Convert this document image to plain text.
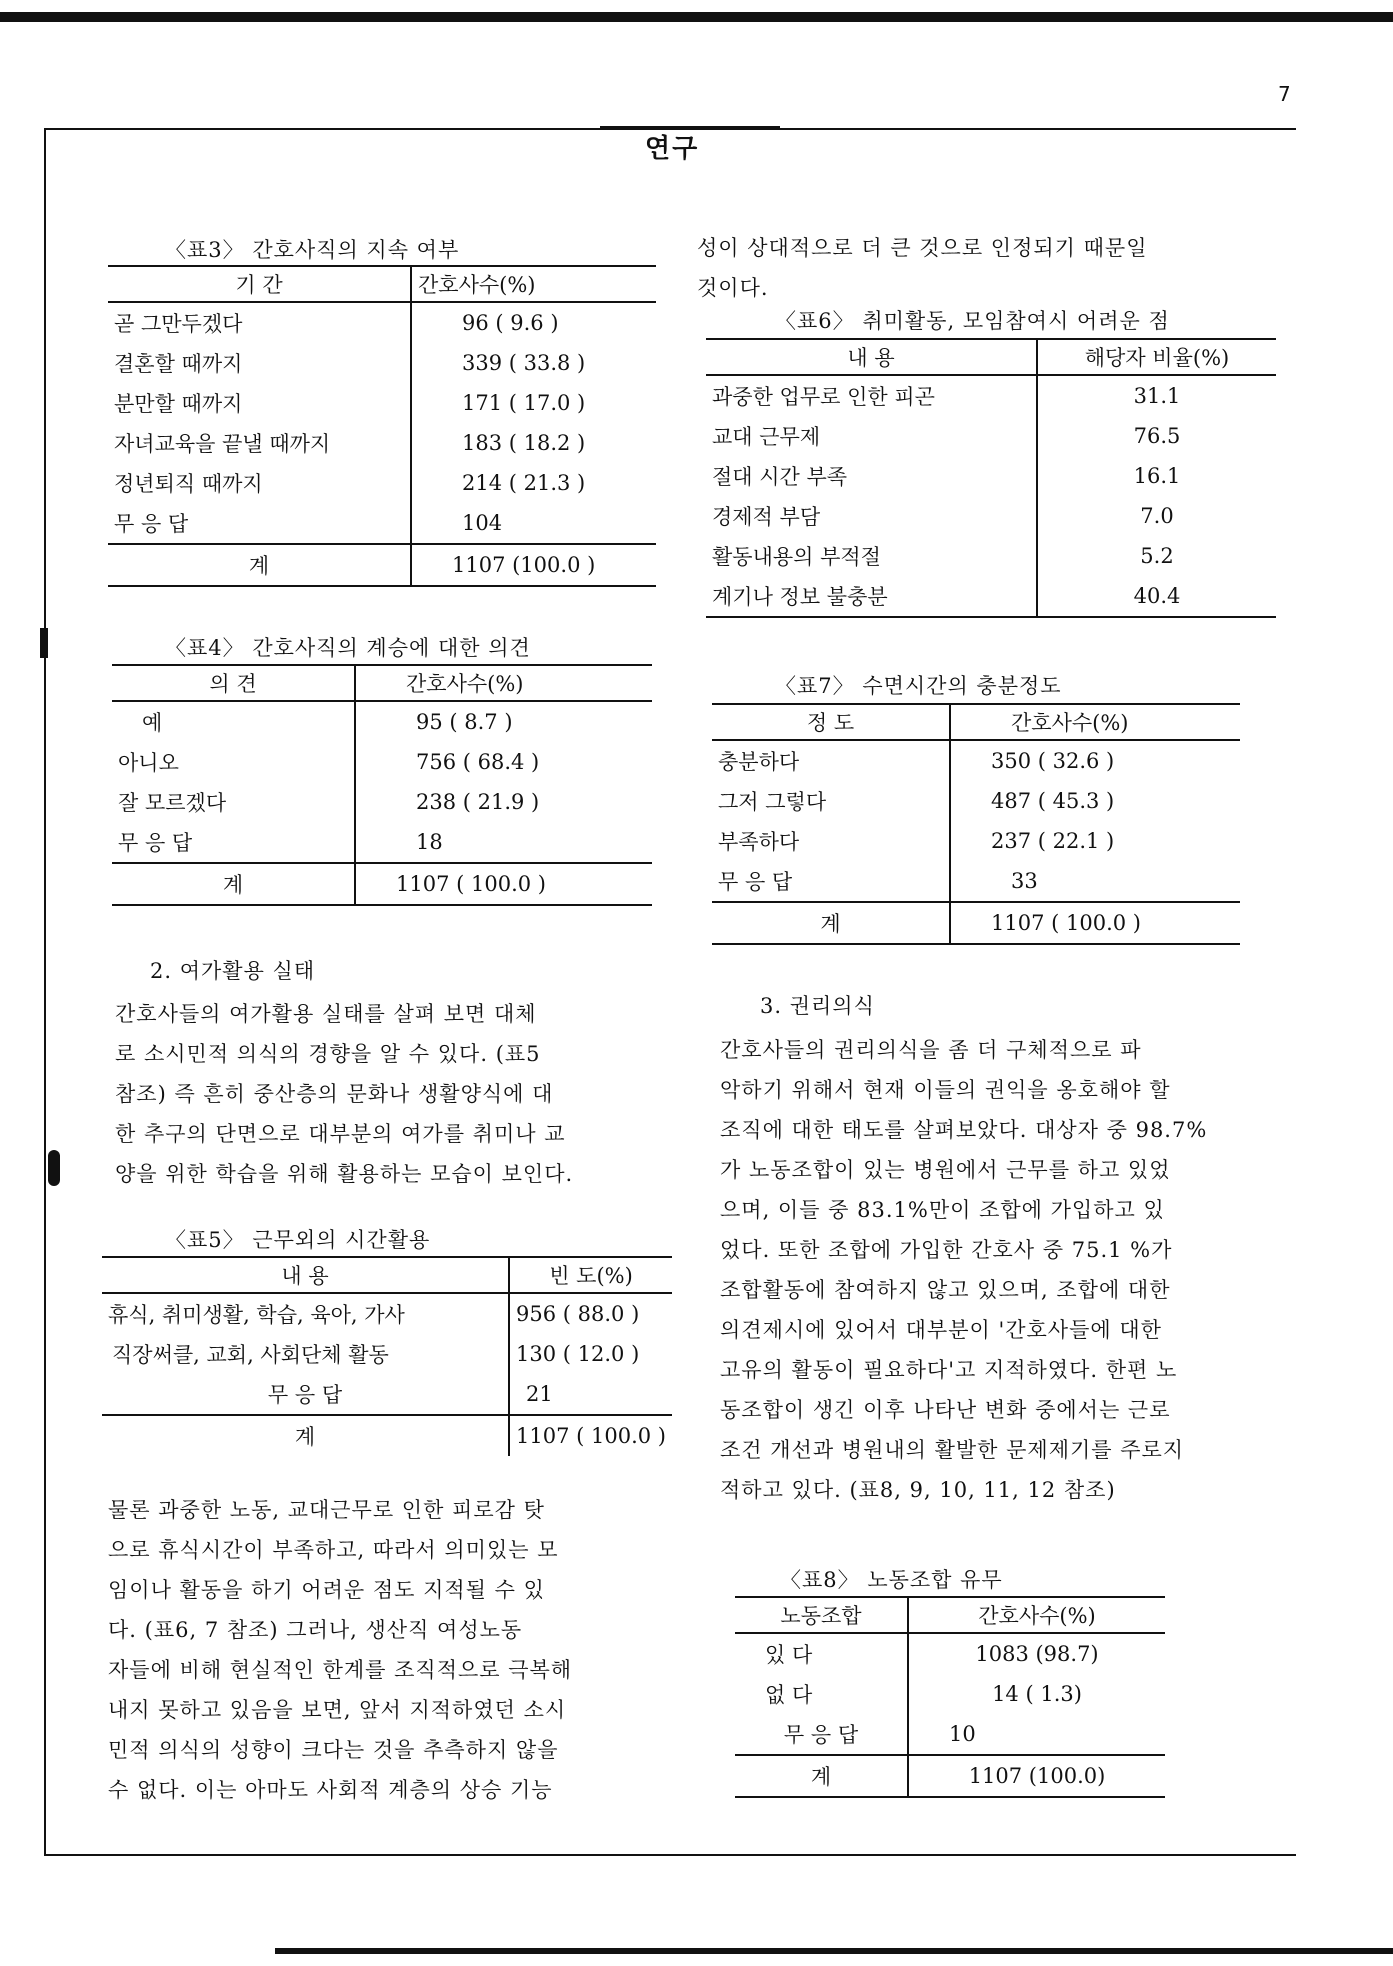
7
연구
〈표3〉 간호사직의 지속 여부
기 간	간호사수(%)
곧 그만두겠다	96 ( 9.6 )
결혼할 때까지	339 ( 33.8 )
분만할 때까지	171 ( 17.0 )
자녀교육을 끝낼 때까지	183 ( 18.2 )
정년퇴직 때까지	214 ( 21.3 )
무 응 답	104
계	1107 (100.0 )
〈표4〉 간호사직의 계승에 대한 의견
의 견	간호사수(%)
예	95 ( 8.7 )
아니오	756 ( 68.4 )
잘 모르겠다	238 ( 21.9 )
무 응 답	18
계	1107 ( 100.0 )
2. 여가활용 실태
간호사들의 여가활용 실태를 살펴 보면 대체
로 소시민적 의식의 경향을 알 수 있다. (표5
참조) 즉 흔히 중산층의 문화나 생활양식에 대
한 추구의 단면으로 대부분의 여가를 취미나 교
양을 위한 학습을 위해 활용하는 모습이 보인다.
〈표5〉 근무외의 시간활용
내 용	빈 도(%)
휴식, 취미생활, 학습, 육아, 가사	956 ( 88.0 )
직장써클, 교회, 사회단체 활동	130 ( 12.0 )
무 응 답	21
계	1107 ( 100.0 )
물론 과중한 노동, 교대근무로 인한 피로감 탓
으로 휴식시간이 부족하고, 따라서 의미있는 모
임이나 활동을 하기 어려운 점도 지적될 수 있
다. (표6, 7 참조) 그러나, 생산직 여성노동
자들에 비해 현실적인 한계를 조직적으로 극복해
내지 못하고 있음을 보면, 앞서 지적하였던 소시
민적 의식의 성향이 크다는 것을 추측하지 않을
수 없다. 이는 아마도 사회적 계층의 상승 기능
성이 상대적으로 더 큰 것으로 인정되기 때문일
것이다.
〈표6〉 취미활동, 모임참여시 어려운 점
내 용	해당자 비율(%)
과중한 업무로 인한 피곤	31.1
교대 근무제	76.5
절대 시간 부족	16.1
경제적 부담	7.0
활동내용의 부적절	5.2
계기나 정보 불충분	40.4
〈표7〉 수면시간의 충분정도
정 도	간호사수(%)
충분하다	350 ( 32.6 )
그저 그렇다	487 ( 45.3 )
부족하다	237 ( 22.1 )
무 응 답	33
계	1107 ( 100.0 )
3. 권리의식
간호사들의 권리의식을 좀 더 구체적으로 파
악하기 위해서 현재 이들의 권익을 옹호해야 할
조직에 대한 태도를 살펴보았다. 대상자 중 98.7%
가 노동조합이 있는 병원에서 근무를 하고 있었
으며, 이들 중 83.1%만이 조합에 가입하고 있
었다. 또한 조합에 가입한 간호사 중 75.1 %가
조합활동에 참여하지 않고 있으며, 조합에 대한
의견제시에 있어서 대부분이 '간호사들에 대한
고유의 활동이 필요하다'고 지적하였다. 한편 노
동조합이 생긴 이후 나타난 변화 중에서는 근로
조건 개선과 병원내의 활발한 문제제기를 주로지
적하고 있다. (표8, 9, 10, 11, 12 참조)
〈표8〉 노동조합 유무
노동조합	간호사수(%)
있 다	1083 (98.7)
없 다	14 ( 1.3)
무 응 답	10
계	1107 (100.0)
